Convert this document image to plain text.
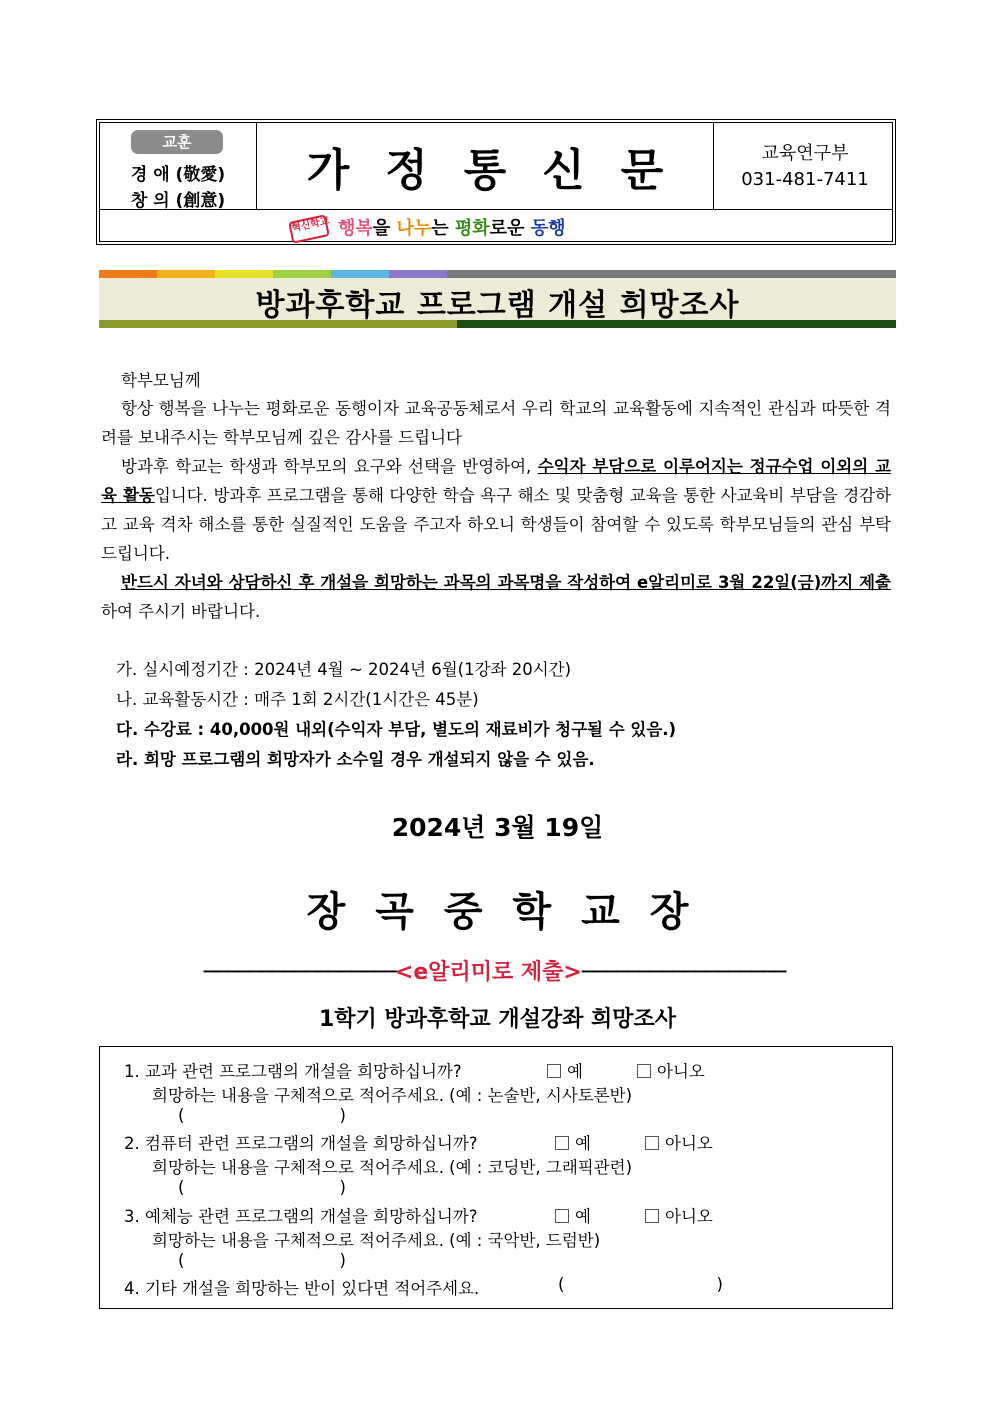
교훈
경 애 (敬愛)
창 의 (創意)
가정통신문	교육연구부
031-481-7411
혁신학교 행복을 나누는 평화로운 동행
방과후학교 프로그램 개설 희망조사
학부모님께
항상 행복을 나누는 평화로운 동행이자 교육공동체로서 우리 학교의 교육활동에 지속적인 관심과 따뜻한 격려를 보내주시는 학부모님께 깊은 감사를 드립니다
방과후 학교는 학생과 학부모의 요구와 선택을 반영하여, 수익자 부담으로 이루어지는 정규수업 이외의 교육 활동입니다. 방과후 프로그램을 통해 다양한 학습 욕구 해소 및 맞춤형 교육을 통한 사교육비 부담을 경감하고 교육 격차 해소를 통한 실질적인 도움을 주고자 하오니 학생들이 참여할 수 있도록 학부모님들의 관심 부탁드립니다.
반드시 자녀와 상담하신 후 개설을 희망하는 과목의 과목명을 작성하여 e알리미로 3월 22일(금)까지 제출하여 주시기 바랍니다.
가. 실시예정기간 : 2024년 4월 ~ 2024년 6월(1강좌 20시간)
나. 교육활동시간 : 매주 1회 2시간(1시간은 45분)
다. 수강료 : 40,000원 내외(수익자 부담, 별도의 재료비가 청구될 수 있음.)
라. 희망 프로그램의 희망자가 소수일 경우 개설되지 않을 수 있음.
2024년 3월 19일
장곡중학교장
─────────────────<e알리미로 제출>──────────────────
1학기 방과후학교 개설강좌 희망조사
1. 교과 관련 프로그램의 개설을 희망하십니까?	예	아니오
희망하는 내용을 구체적으로 적어주세요. (예 : 논술반, 시사토론반)
(	)
2. 컴퓨터 관련 프로그램의 개설을 희망하십니까?	예	아니오
희망하는 내용을 구체적으로 적어주세요. (예 : 코딩반, 그래픽관련)
(	)
3. 예체능 관련 프로그램의 개설을 희망하십니까?	예	아니오
희망하는 내용을 구체적으로 적어주세요. (예 : 국악반, 드럼반)
(	)
4. 기타 개설을 희망하는 반이 있다면 적어주세요.	(	)
